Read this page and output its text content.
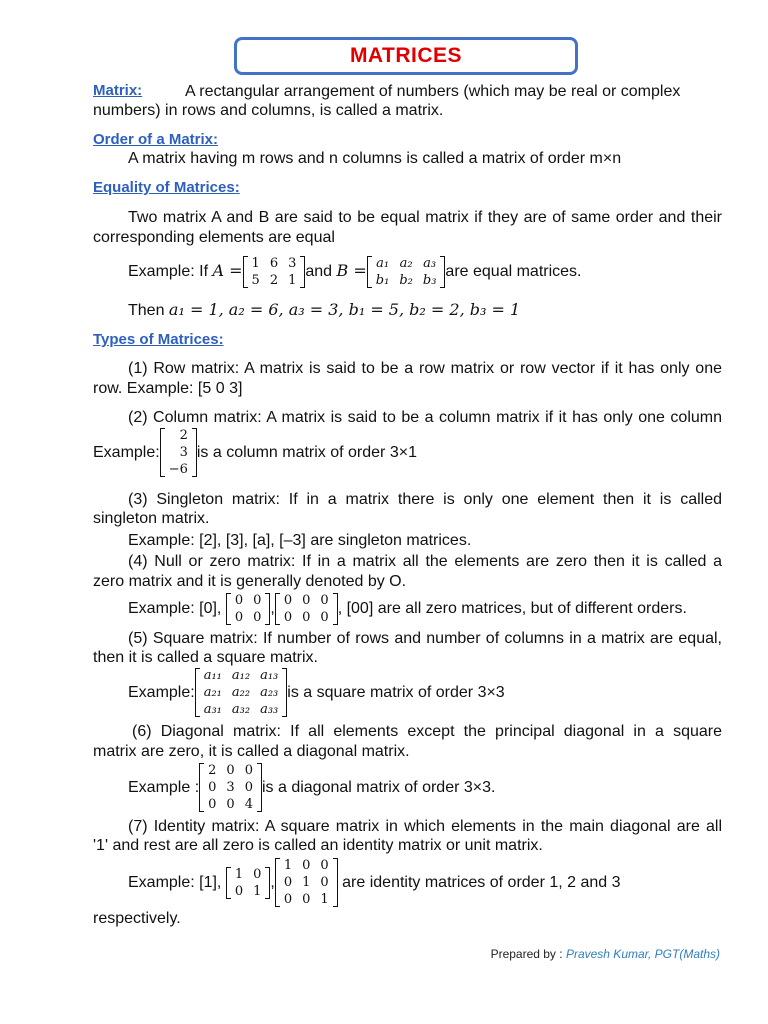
MATRICES
Matrix:	A rectangular arrangement of numbers (which may be real or complex
numbers) in rows and columns, is called a matrix.
Order of a Matrix:
A matrix having m rows and n columns is called a matrix of order m×n
Equality of Matrices:
Two matrix A and B are said to be equal matrix if they are of same order and their
corresponding elements are equal
Example: If A = 1	6	3
5	2	1
and B = a₁	a₂	a₃
b₁	b₂	b₃
are equal matrices.
Then a₁ = 1, a₂ = 6, a₃ = 3, b₁ = 5, b₂ = 2, b₃ = 1
Types of Matrices:
(1) Row matrix: A matrix is said to be a row matrix or row vector if it has only one
row. Example: [5 0 3]
(2) Column matrix: A matrix is said to be a column matrix if it has only one column
Example:
2
3
−6
is a column matrix of order 3×1
(3) Singleton matrix: If in a matrix there is only one element then it is called
singleton matrix.
Example: [2], [3], [a], [–3] are singleton matrices.
(4) Null or zero matrix: If in a matrix all the elements are zero then it is called a
zero matrix and it is generally denoted by O.
Example: [0], 0	0
0	0
, 0	0	0
0	0	0
, [00] are all zero matrices, but of different orders.
(5) Square matrix: If number of rows and number of columns in a matrix are equal,
then it is called a square matrix.
Example:
a₁₁	a₁₂	a₁₃
a₂₁	a₂₂	a₂₃
a₃₁	a₃₂	a₃₃
is a square matrix of order 3×3
(6) Diagonal matrix: If all elements except the principal diagonal in a square
matrix are zero, it is called a diagonal matrix.
Example :
2	0	0
0	3	0
0	0	4
is a diagonal matrix of order 3×3.
(7) Identity matrix: A square matrix in which elements in the main diagonal are all
'1' and rest are all zero is called an identity matrix or unit matrix.
Example: [1], 1	0
0	1
,
1	0	0
0	1	0
0	0	1
are identity matrices of order 1, 2 and 3
respectively.
Prepared by : Pravesh Kumar, PGT(Maths)
